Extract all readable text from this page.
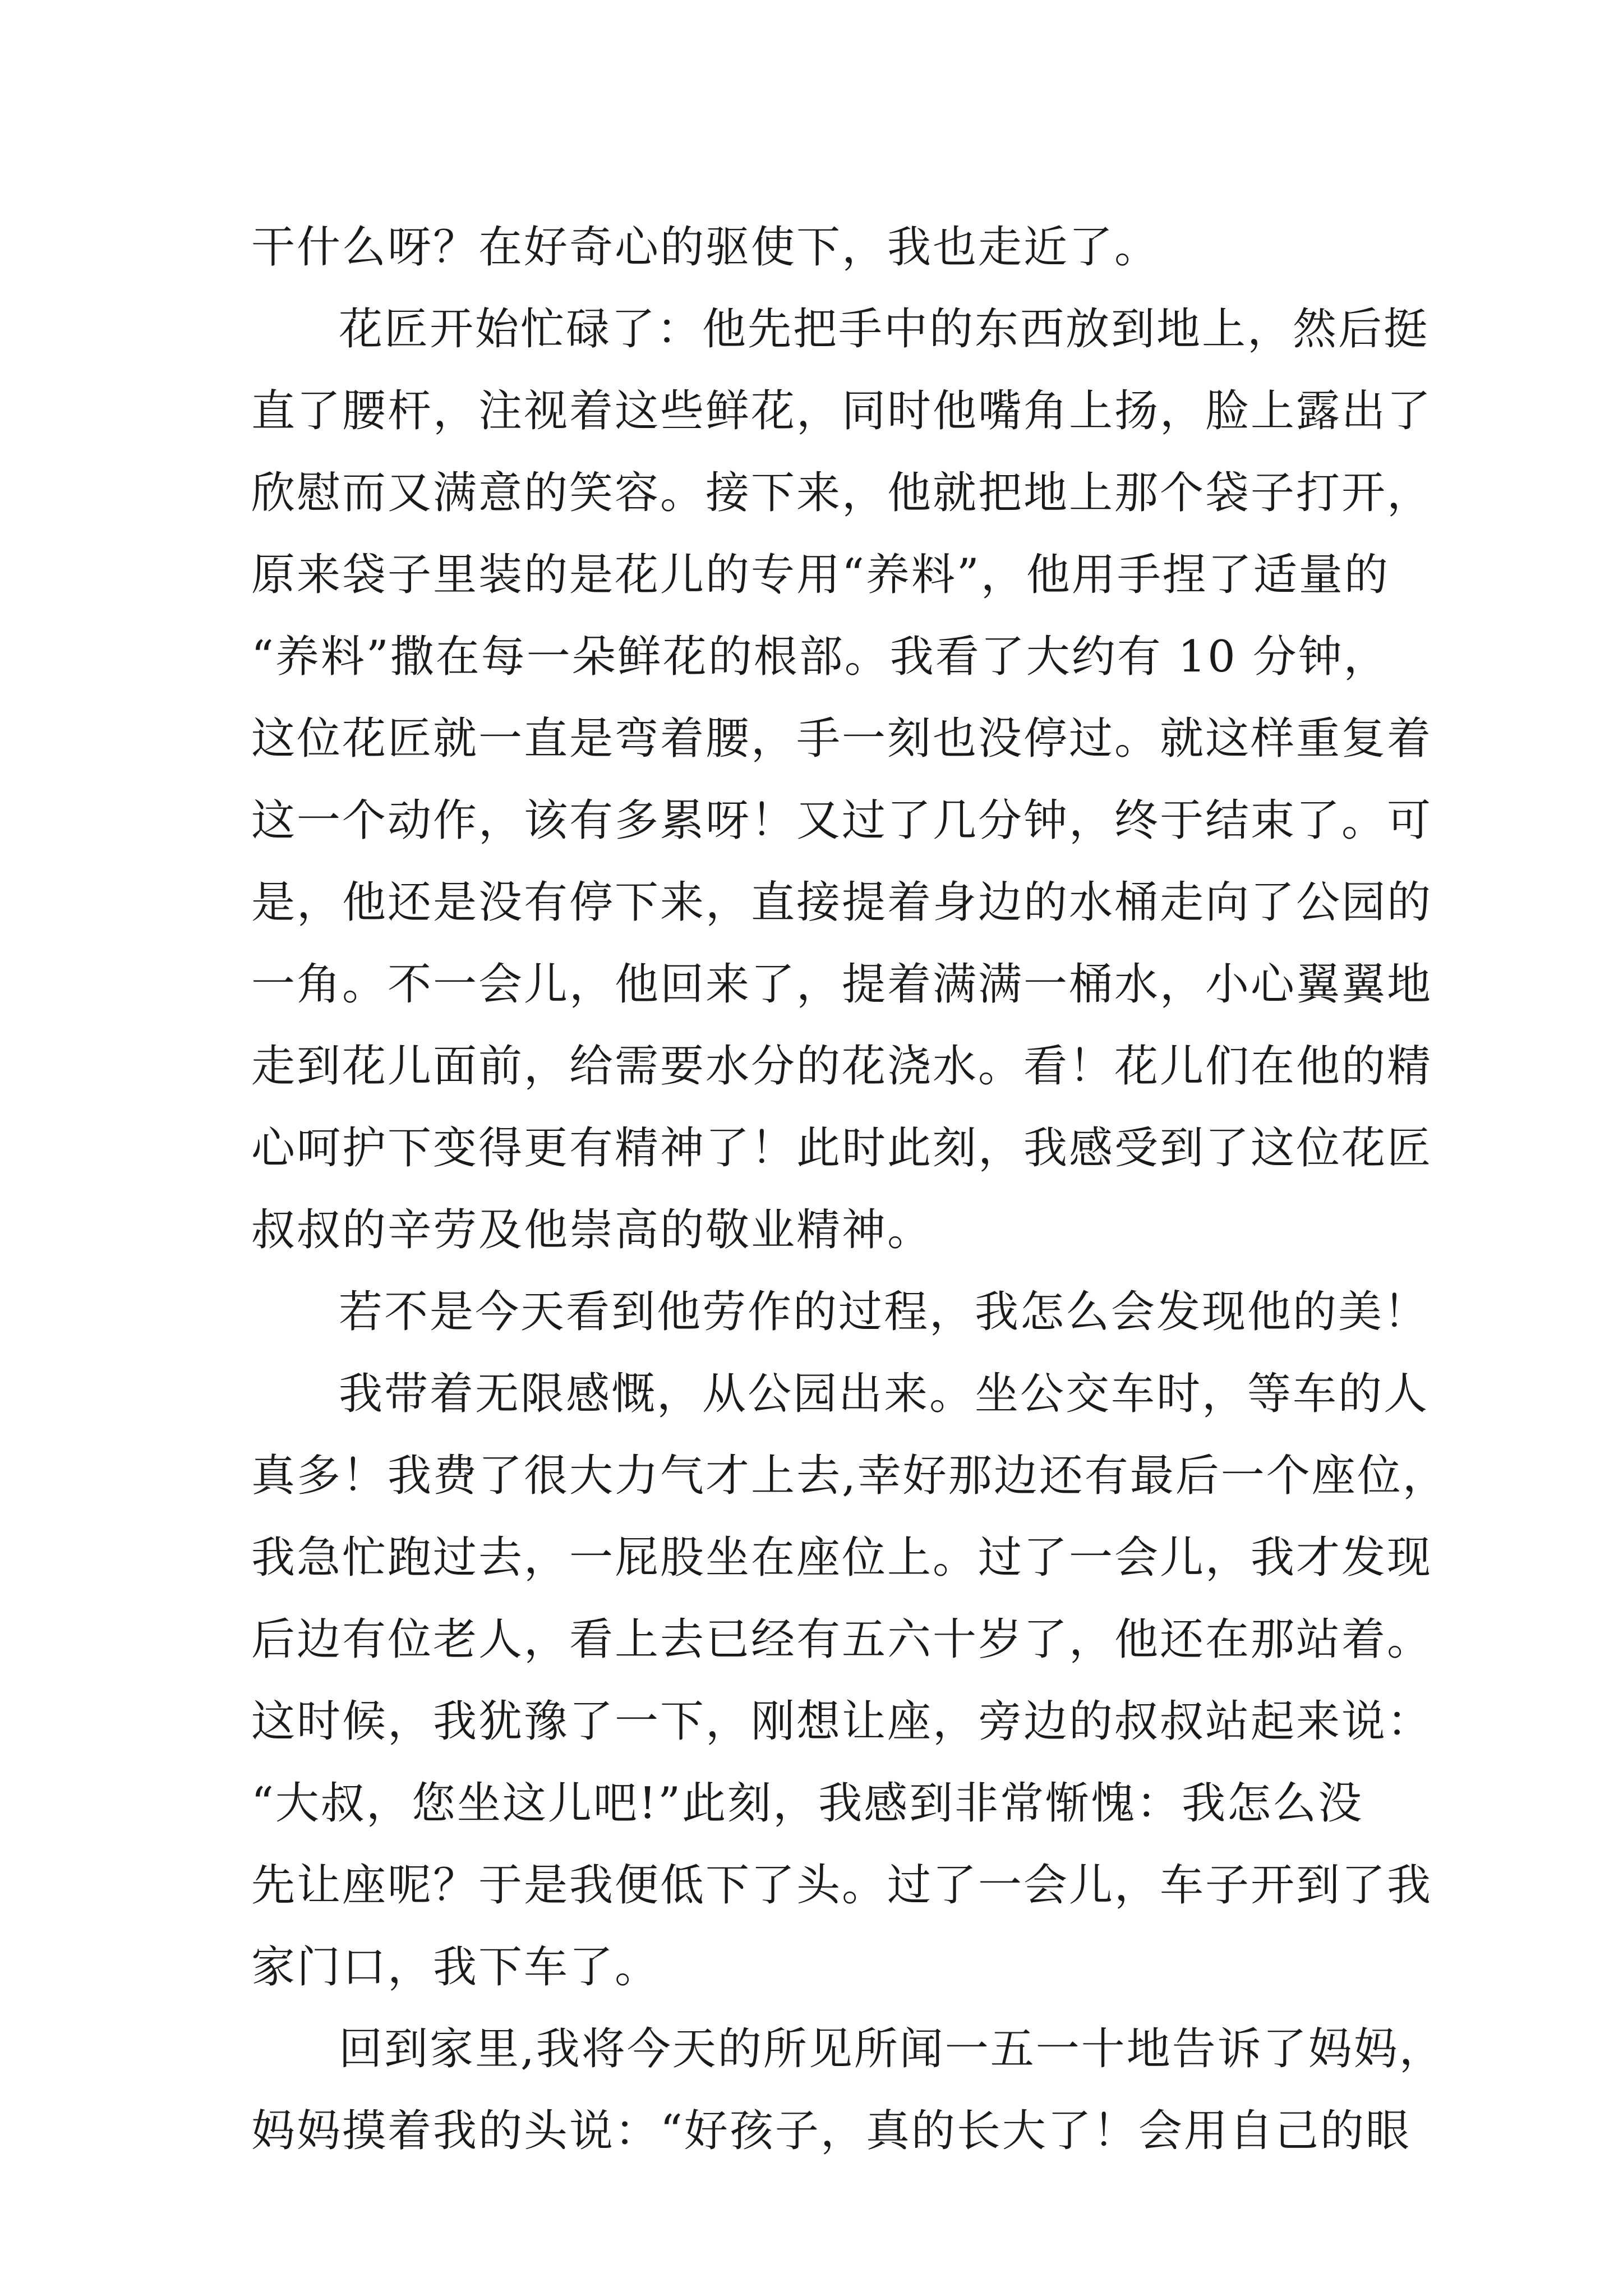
干什么呀？在好奇心的驱使下，我也走近了。
花匠开始忙碌了：他先把手中的东西放到地上，然后挺
直了腰杆，注视着这些鲜花，同时他嘴角上扬，脸上露出了
欣慰而又满意的笑容。接下来，他就把地上那个袋子打开，
原来袋子里装的是花儿的专用“养料”，他用手捏了适量的
“养料”撒在每一朵鲜花的根部。我看了大约有 10 分钟，
这位花匠就一直是弯着腰，手一刻也没停过。就这样重复着
这一个动作，该有多累呀！又过了几分钟，终于结束了。可
是，他还是没有停下来，直接提着身边的水桶走向了公园的
一角。不一会儿，他回来了，提着满满一桶水，小心翼翼地
走到花儿面前，给需要水分的花浇水。看！花儿们在他的精
心呵护下变得更有精神了！此时此刻，我感受到了这位花匠
叔叔的辛劳及他崇高的敬业精神。
若不是今天看到他劳作的过程，我怎么会发现他的美！
我带着无限感慨，从公园出来。坐公交车时，等车的人
真多！我费了很大力气才上去,幸好那边还有最后一个座位，
我急忙跑过去，一屁股坐在座位上。过了一会儿，我才发现
后边有位老人，看上去已经有五六十岁了，他还在那站着。
这时候，我犹豫了一下，刚想让座，旁边的叔叔站起来说：
“大叔，您坐这儿吧!”此刻，我感到非常惭愧：我怎么没
先让座呢？于是我便低下了头。过了一会儿，车子开到了我
家门口，我下车了。
回到家里,我将今天的所见所闻一五一十地告诉了妈妈，
妈妈摸着我的头说：“好孩子，真的长大了！会用自己的眼
